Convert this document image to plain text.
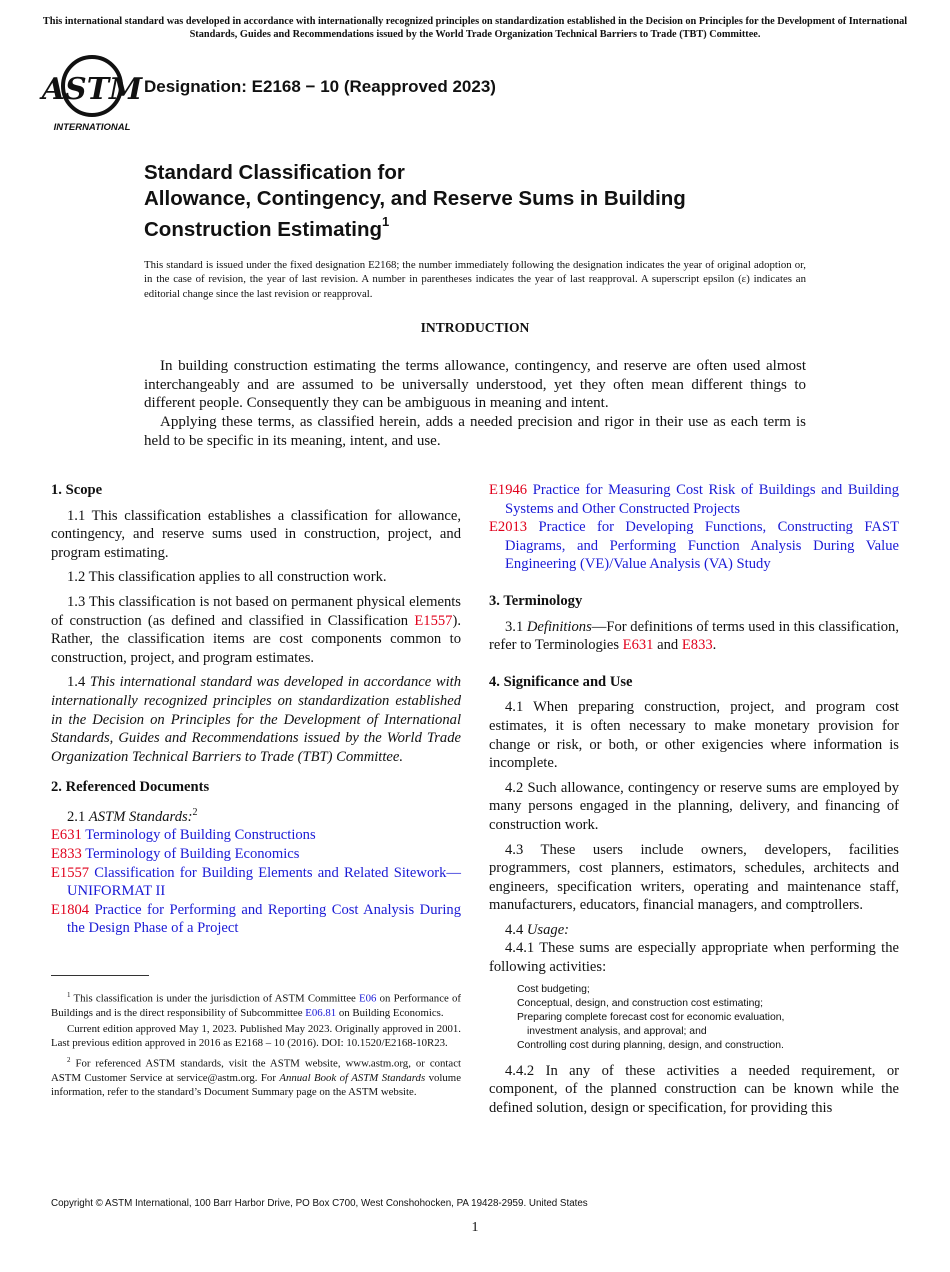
This international standard was developed in accordance with internationally recognized principles on standardization established in the Decision on Principles for the Development of International Standards, Guides and Recommendations issued by the World Trade Organization Technical Barriers to Trade (TBT) Committee.
ASTM
INTERNATIONAL
Designation: E2168 − 10 (Reapproved 2023)
Standard Classification for
Allowance, Contingency, and Reserve Sums in Building
Construction Estimating$^1$
This standard is issued under the fixed designation E2168; the number immediately following the designation indicates the year of original adoption or, in the case of revision, the year of last revision. A number in parentheses indicates the year of last reapproval. A superscript epsilon (ε) indicates an editorial change since the last revision or reapproval.
INTRODUCTION

In building construction estimating the terms allowance, contingency, and reserve are often used almost interchangeably and are assumed to be universally understood, yet they often mean different things to different people. Consequently they can be ambiguous in meaning and intent.

Applying these terms, as classified herein, adds a needed precision and rigor in their use as each term is held to be specific in its meaning, intent, and use.

1. Scope

1.1 This classification establishes a classification for allowance, contingency, and reserve sums used in construction, project, and program estimating.

1.2 This classification applies to all construction work.

1.3 This classification is not based on permanent physical elements of construction (as defined and classified in Classification E1557). Rather, the classification items are cost components common to construction, project, and program estimates.

1.4 This international standard was developed in accordance with internationally recognized principles on standardization established in the Decision on Principles for the Development of International Standards, Guides and Recommendations issued by the World Trade Organization Technical Barriers to Trade (TBT) Committee.

2. Referenced Documents

2.1 ASTM Standards:$^2$

E631 Terminology of Building Constructions
E833 Terminology of Building Economics
E1557 Classification for Building Elements and Related Sitework—UNIFORMAT II
E1804 Practice for Performing and Reporting Cost Analysis During the Design Phase of a Project

$^1$ This classification is under the jurisdiction of ASTM Committee E06 on Performance of Buildings and is the direct responsibility of Subcommittee E06.81 on Building Economics.

Current edition approved May 1, 2023. Published May 2023. Originally approved in 2001. Last previous edition approved in 2016 as E2168 – 10 (2016). DOI: 10.1520/E2168-10R23.

$^2$ For referenced ASTM standards, visit the ASTM website, www.astm.org, or contact ASTM Customer Service at service@astm.org. For Annual Book of ASTM Standards volume information, refer to the standard’s Document Summary page on the ASTM website.

E1946 Practice for Measuring Cost Risk of Buildings and Building Systems and Other Constructed Projects
E2013 Practice for Developing Functions, Constructing FAST Diagrams, and Performing Function Analysis During Value Engineering (VE)/Value Analysis (VA) Study
3. Terminology

3.1 Definitions—For definitions of terms used in this classification, refer to Terminologies E631 and E833.

4. Significance and Use

4.1 When preparing construction, project, and program cost estimates, it is often necessary to make monetary provision for change or risk, or both, or other exigencies where information is incomplete.

4.2 Such allowance, contingency or reserve sums are employed by many persons engaged in the planning, delivery, and financing of construction work.

4.3 These users include owners, developers, facilities programmers, cost planners, estimators, schedules, architects and engineers, specification writers, operating and maintenance staff, manufacturers, educators, financial managers, and comptrollers.

4.4 Usage:

4.4.1 These sums are especially appropriate when performing the following activities:

Cost budgeting;
Conceptual, design, and construction cost estimating;
Preparing complete forecast cost for economic evaluation,
investment analysis, and approval; and
Controlling cost during planning, design, and construction.

4.4.2 In any of these activities a needed requirement, or component, of the planned construction can be known while the defined solution, design or specification, for providing this

Copyright © ASTM International, 100 Barr Harbor Drive, PO Box C700, West Conshohocken, PA 19428-2959. United States
1
